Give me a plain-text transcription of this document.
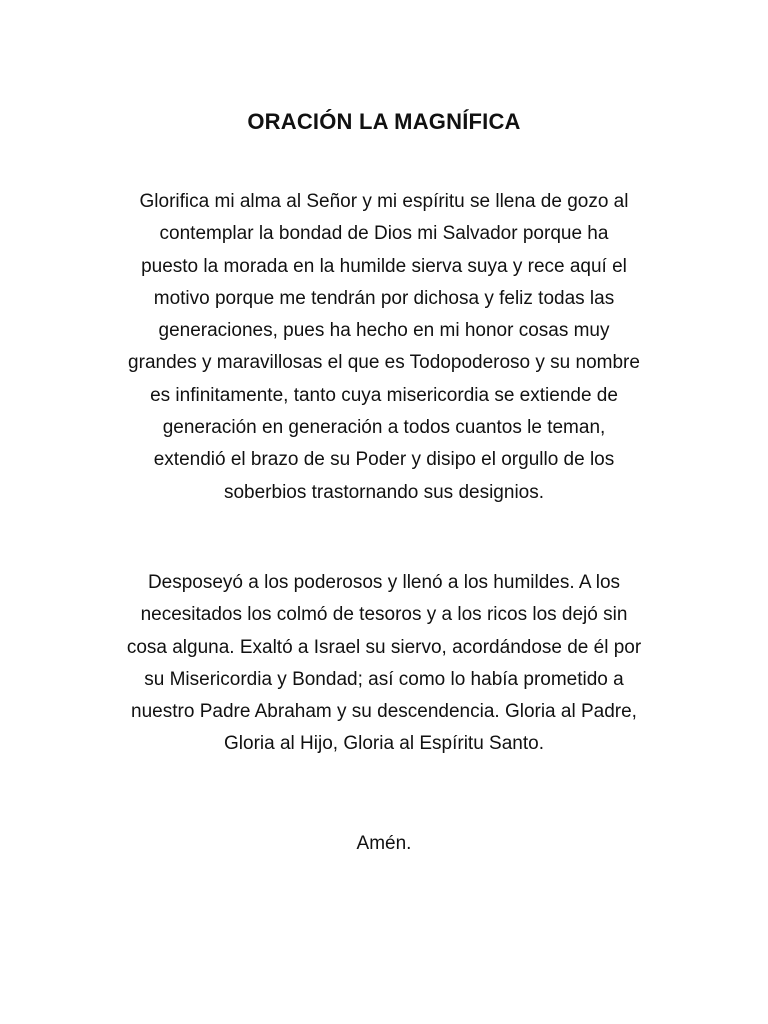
ORACIÓN LA MAGNÍFICA
Glorifica mi alma al Señor y mi espíritu se llena de gozo al
contemplar la bondad de Dios mi Salvador porque ha
puesto la morada en la humilde sierva suya y rece aquí el
motivo porque me tendrán por dichosa y feliz todas las
generaciones, pues ha hecho en mi honor cosas muy
grandes y maravillosas el que es Todopoderoso y su nombre
es infinitamente, tanto cuya misericordia se extiende de
generación en generación a todos cuantos le teman,
extendió el brazo de su Poder y disipo el orgullo de los
soberbios trastornando sus designios.
Desposeyó a los poderosos y llenó a los humildes. A los
necesitados los colmó de tesoros y a los ricos los dejó sin
cosa alguna. Exaltó a Israel su siervo, acordándose de él por
su Misericordia y Bondad; así como lo había prometido a
nuestro Padre Abraham y su descendencia. Gloria al Padre,
Gloria al Hijo, Gloria al Espíritu Santo.
Amén.
